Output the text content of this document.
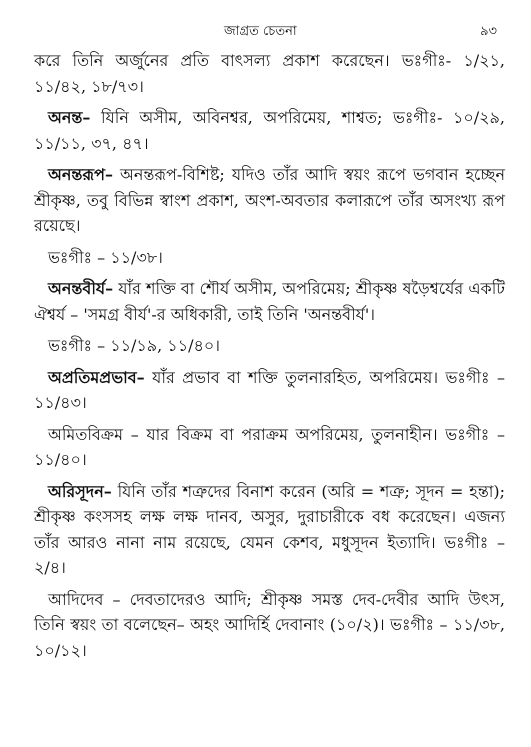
জাগ্রত চেতনা	৯৩

করে তিনি অর্জুনের প্রতি বাৎসল্য প্রকাশ করেছেন। ভঃগীঃ- ১/২১, ১১/৪২, ১৮/৭৩।

অনন্ত– যিনি অসীম, অবিনশ্বর, অপরিমেয়, শাশ্বত; ভঃগীঃ- ১০/২৯, ১১/১১, ৩৭, ৪৭।

অনন্তরূপ– অনন্তরূপ-বিশিষ্ট; যদিও তাঁর আদি স্বয়ং রূপে ভগবান হচ্ছেন শ্রীকৃষ্ণ, তবু বিভিন্ন স্বাংশ প্রকাশ, অংশ-অবতার কলারূপে তাঁর অসংখ্য রূপ রয়েছে।

ভঃগীঃ – ১১/৩৮।

অনন্তবীর্য– যাঁর শক্তি বা শৌর্য অসীম, অপরিমেয়; শ্রীকৃষ্ণ ষড়ৈশ্বর্যের একটি ঐশ্বর্য – 'সমগ্র বীর্য'-র অধিকারী, তাই তিনি 'অনন্তবীর্য'।

ভঃগীঃ – ১১/১৯, ১১/৪০।

অপ্রতিমপ্রভাব– যাঁর প্রভাব বা শক্তি তুলনারহিত, অপরিমেয়। ভঃগীঃ – ১১/৪৩।

অমিতবিক্রম – যার বিক্রম বা পরাক্রম অপরিমেয়, তুলনাহীন। ভঃগীঃ – ১১/৪০।

অরিসূদন– যিনি তাঁর শত্রুদের বিনাশ করেন (অরি = শত্রু; সূদন = হন্তা); শ্রীকৃষ্ণ কংসসহ লক্ষ লক্ষ দানব, অসুর, দুরাচারীকে বধ করেছেন। এজন্য তাঁর আরও নানা নাম রয়েছে, যেমন কেশব, মধুসূদন ইত্যাদি। ভঃগীঃ – ২/৪।

আদিদেব – দেবতাদেরও আদি; শ্রীকৃষ্ণ সমস্ত দেব-দেবীর আদি উৎস, তিনি স্বয়ং তা বলেছেন– অহং আদির্হি দেবানাং (১০/২)। ভঃগীঃ – ১১/৩৮, ১০/১২।
